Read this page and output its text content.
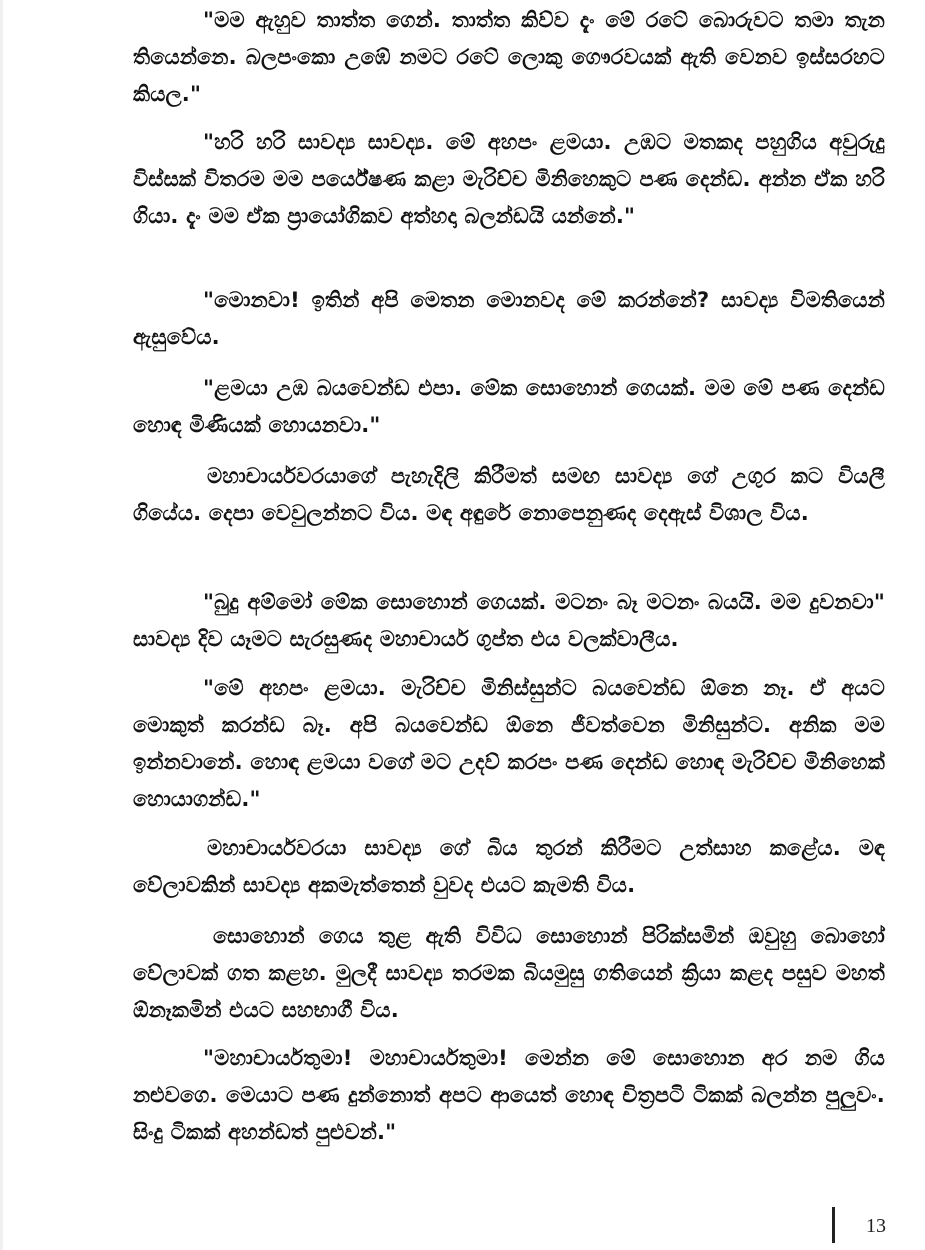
"මම ඇහුව තාත්ත ගෙන්. තාත්ත කිව්ව දැං මේ රටේ බොරුවට තමා තැන තියෙන්නෙ. බලපංකො උඹේ නමට රටේ ලොකු ගෞරවයක් ඇති වෙනව ඉස්සරහට කියල."

"හරි හරි සාවද්‍ය සාවද්‍ය. මේ අහපං ළමයා. උඹට මතකද පහුගිය අවුරුදු විස්සක් විතරම මම පර්යේෂණ කළා මැරිච්ච මිනිහෙකුට පණ දෙන්ඩ. අන්න ඒක හරි ගියා. දැං මම ඒක ප්‍රායෝගිකව අත්හදා බලන්ඩයි යන්නේ."

"මොනවා! ඉතින් අපි මෙතන මොනවද මේ කරන්නේ? සාවද්‍ය විමතියෙන් ඇසුවේය.

"ළමයා උඹ බයවෙන්ඩ එපා. මේක සොහොන් ගෙයක්. මම මේ පණ දෙන්ඩ හොඳ මිණියක් හොයනවා."

මහාචාර්යවරයාගේ පැහැදිලි කිරීමත් සමඟ සාවද්‍ය ගේ උගුර කට වියලී ගියේය. දෙපා වෙවුලන්නට විය. මඳ අඳුරේ නොපෙනුණද දෙඇස් විශාල විය.

"බුදු අම්මෝ මේක සොහොන් ගෙයක්. මටනං බෑ මටනං බයයි. මම දුවනවා" සාවද්‍ය දිව යෑමට සැරසුණද මහාචාර්ය ගුප්ත එය වලක්වාලීය.

"මේ අහපං ළමයා. මැරිච්ච මිනිස්සුන්ට බයවෙන්ඩ ඕනෙ නෑ. ඒ අයට මොකුත් කරන්ඩ බෑ. අපි බයවෙන්ඩ ඕනෙ ජීවත්වෙන මිනිසුන්ට. අනික මම ඉන්නවානේ. හොඳ ළමයා වගේ මට උදව් කරපං පණ දෙන්ඩ හොඳ මැරිච්ච මිනිහෙක් හොයාගන්ඩ."

මහාචාර්යවරයා සාවද්‍ය ගේ බිය තුරන් කිරීමට උත්සාහ කළේය. මඳ වේලාවකින් සාවද්‍ය අකමැත්තෙන් වුවද එයට කැමති විය.

සොහොන් ගෙය තුළ ඇති විවිධ සොහොන් පිරික්සමින් ඔවුහු බොහෝ වේලාවක් ගත කළහ. මුලදී සාවද්‍ය තරමක බියමුසු ගතියෙන් ක්‍රියා කළද පසුව මහත් ඕනෑකමින් එයට සහභාගී විය.

"මහාචාර්යතුමා! මහාචාර්යතුමා! මෙන්න මේ සොහොන අර නම ගිය නළුවගෙ. මෙයාට පණ දුන්නොත් අපට ආයෙත් හොඳ චිත්‍රපටි ටිකක් බලන්න පුලුවං. සිංදු ටිකක් අහන්ඩත් පුළුවන්."

13
